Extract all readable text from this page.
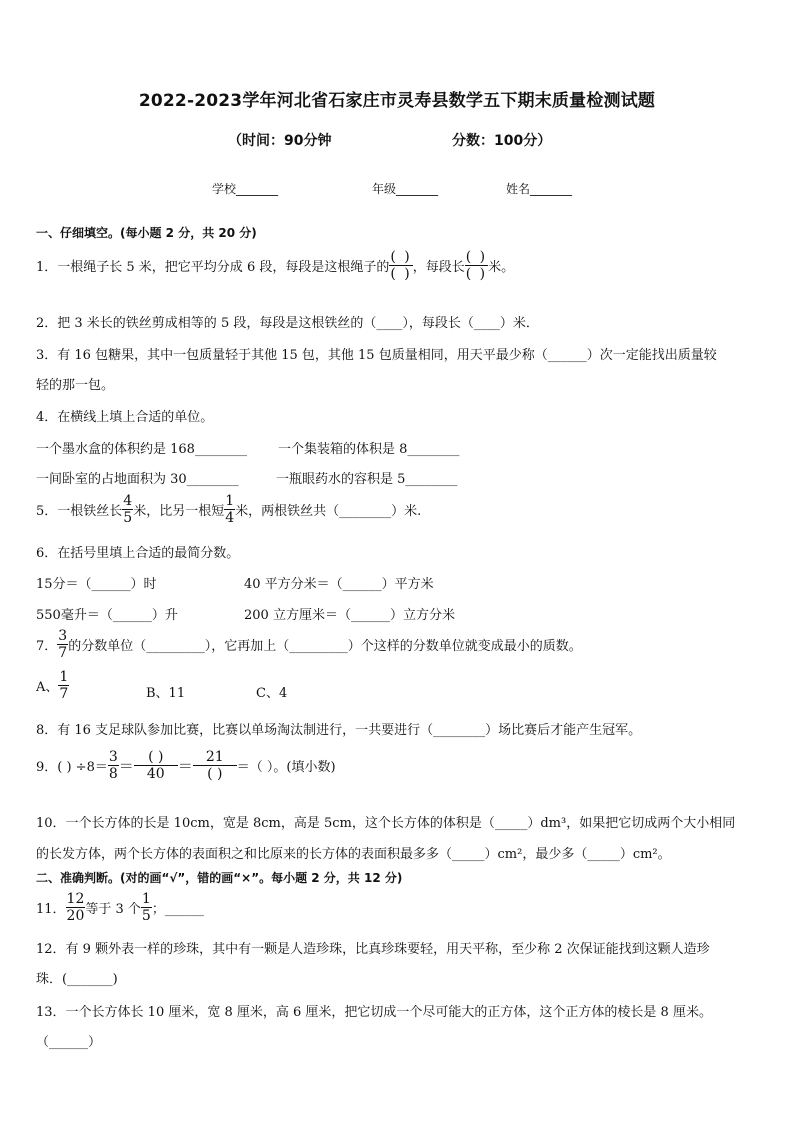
2022-2023学年河北省石家庄市灵寿县数学五下期末质量检测试题
（时间：90分钟	分数：100分）
学校_______	年级_______	姓名_______
一、仔细填空。(每小题 2 分，共 20 分)
1．一根绳子长 5 米，把它平均分成 6 段，每段是这根绳子的 $\frac{( )}{( )}$ ，每段长 $\frac{( )}{( )}$ 米。
2．把 3 米长的铁丝剪成相等的 5 段，每段是这根铁丝的（____），每段长（____）米．
3．有 16 包糖果，其中一包质量轻于其他 15 包，其他 15 包质量相同，用天平最少称（______）次一定能找出质量较
轻的那一包。
4．在横线上填上合适的单位。
一个墨水盒的体积约是 168________ 一个集装箱的体积是 8________
一间卧室的占地面积为 30________	一瓶眼药水的容积是 5________
5．一根铁丝长 $\frac{4}{5}$ 米，比另一根短 $\frac{1}{4}$ 米，两根铁丝共（________）米.
6．在括号里填上合适的最简分数。
15分＝（______）时	40 平方分米＝（______）平方米
550毫升＝（______）升	200 立方厘米＝（______）立方分米
7． $\frac{3}{7}$ 的分数单位（_________），它再加上（_________）个这样的分数单位就变成最小的质数。
A、 $\frac{1}{7}$	B、11	C、4
8．有 16 支足球队参加比赛，比赛以单场淘汰制进行，一共要进行（________）场比赛后才能产生冠军。
9．( ) $\div 8= \frac{3}{8} = \frac{( )}{40} = \frac{21}{( )}$ ＝（ ）。(填小数)
10．一个长方体的长是 10cm，宽是 8cm，高是 5cm，这个长方体的体积是（_____）dm³，如果把它切成两个大小相同
的长发方体，两个长方体的表面积之和比原来的长方体的表面积最多多（_____）cm²，最少多（_____）cm²。
二、准确判断。(对的画“√”，错的画“×”。每小题 2 分，共 12 分)
11． $\frac{12}{20}$ 等于 3 个 $\frac{1}{5}$ ；______
12．有 9 颗外表一样的珍珠，其中有一颗是人造珍珠，比真珍珠要轻，用天平称，至少称 2 次保证能找到这颗人造珍
珠．(_______)
13．一个长方体长 10 厘米，宽 8 厘米，高 6 厘米，把它切成一个尽可能大的正方体，这个正方体的棱长是 8 厘米。
（______）
